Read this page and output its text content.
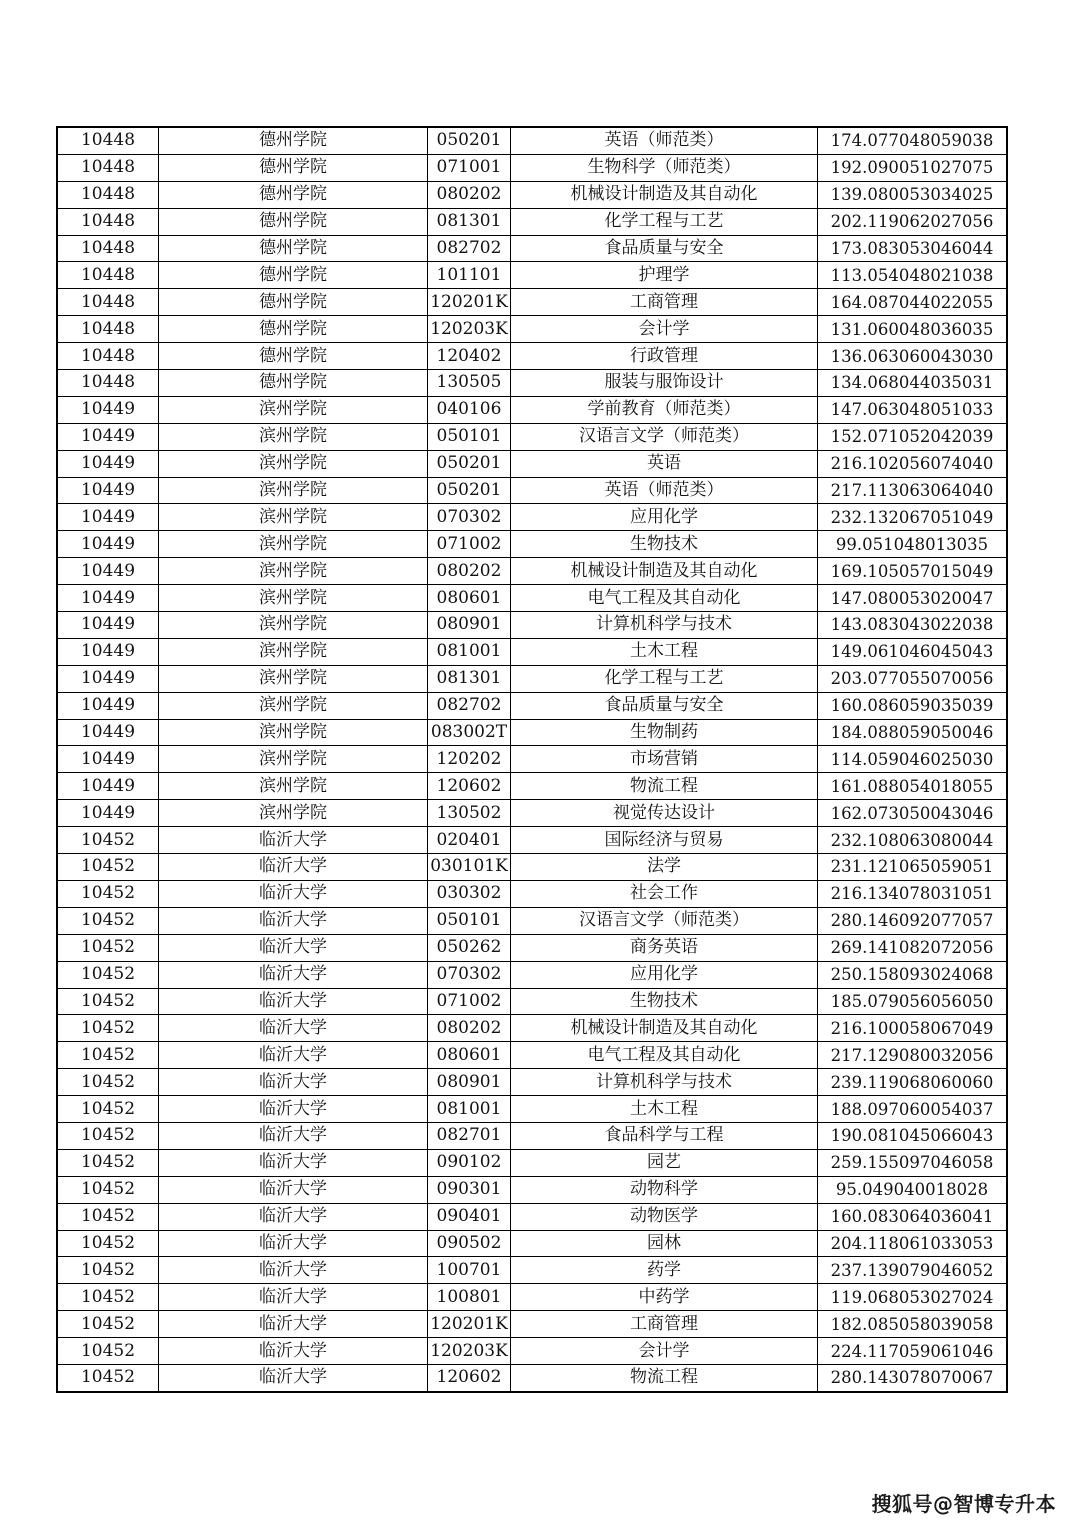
10448	德州学院	050201	英语（师范类）	174.077048059038
10448	德州学院	071001	生物科学（师范类）	192.090051027075
10448	德州学院	080202	机械设计制造及其自动化	139.080053034025
10448	德州学院	081301	化学工程与工艺	202.119062027056
10448	德州学院	082702	食品质量与安全	173.083053046044
10448	德州学院	101101	护理学	113.054048021038
10448	德州学院	120201K	工商管理	164.087044022055
10448	德州学院	120203K	会计学	131.060048036035
10448	德州学院	120402	行政管理	136.063060043030
10448	德州学院	130505	服装与服饰设计	134.068044035031
10449	滨州学院	040106	学前教育（师范类）	147.063048051033
10449	滨州学院	050101	汉语言文学（师范类）	152.071052042039
10449	滨州学院	050201	英语	216.102056074040
10449	滨州学院	050201	英语（师范类）	217.113063064040
10449	滨州学院	070302	应用化学	232.132067051049
10449	滨州学院	071002	生物技术	99.051048013035
10449	滨州学院	080202	机械设计制造及其自动化	169.105057015049
10449	滨州学院	080601	电气工程及其自动化	147.080053020047
10449	滨州学院	080901	计算机科学与技术	143.083043022038
10449	滨州学院	081001	土木工程	149.061046045043
10449	滨州学院	081301	化学工程与工艺	203.077055070056
10449	滨州学院	082702	食品质量与安全	160.086059035039
10449	滨州学院	083002T	生物制药	184.088059050046
10449	滨州学院	120202	市场营销	114.059046025030
10449	滨州学院	120602	物流工程	161.088054018055
10449	滨州学院	130502	视觉传达设计	162.073050043046
10452	临沂大学	020401	国际经济与贸易	232.108063080044
10452	临沂大学	030101K	法学	231.121065059051
10452	临沂大学	030302	社会工作	216.134078031051
10452	临沂大学	050101	汉语言文学（师范类）	280.146092077057
10452	临沂大学	050262	商务英语	269.141082072056
10452	临沂大学	070302	应用化学	250.158093024068
10452	临沂大学	071002	生物技术	185.079056056050
10452	临沂大学	080202	机械设计制造及其自动化	216.100058067049
10452	临沂大学	080601	电气工程及其自动化	217.129080032056
10452	临沂大学	080901	计算机科学与技术	239.119068060060
10452	临沂大学	081001	土木工程	188.097060054037
10452	临沂大学	082701	食品科学与工程	190.081045066043
10452	临沂大学	090102	园艺	259.155097046058
10452	临沂大学	090301	动物科学	95.049040018028
10452	临沂大学	090401	动物医学	160.083064036041
10452	临沂大学	090502	园林	204.118061033053
10452	临沂大学	100701	药学	237.139079046052
10452	临沂大学	100801	中药学	119.068053027024
10452	临沂大学	120201K	工商管理	182.085058039058
10452	临沂大学	120203K	会计学	224.117059061046
10452	临沂大学	120602	物流工程	280.143078070067
搜狐号@智博专升本
